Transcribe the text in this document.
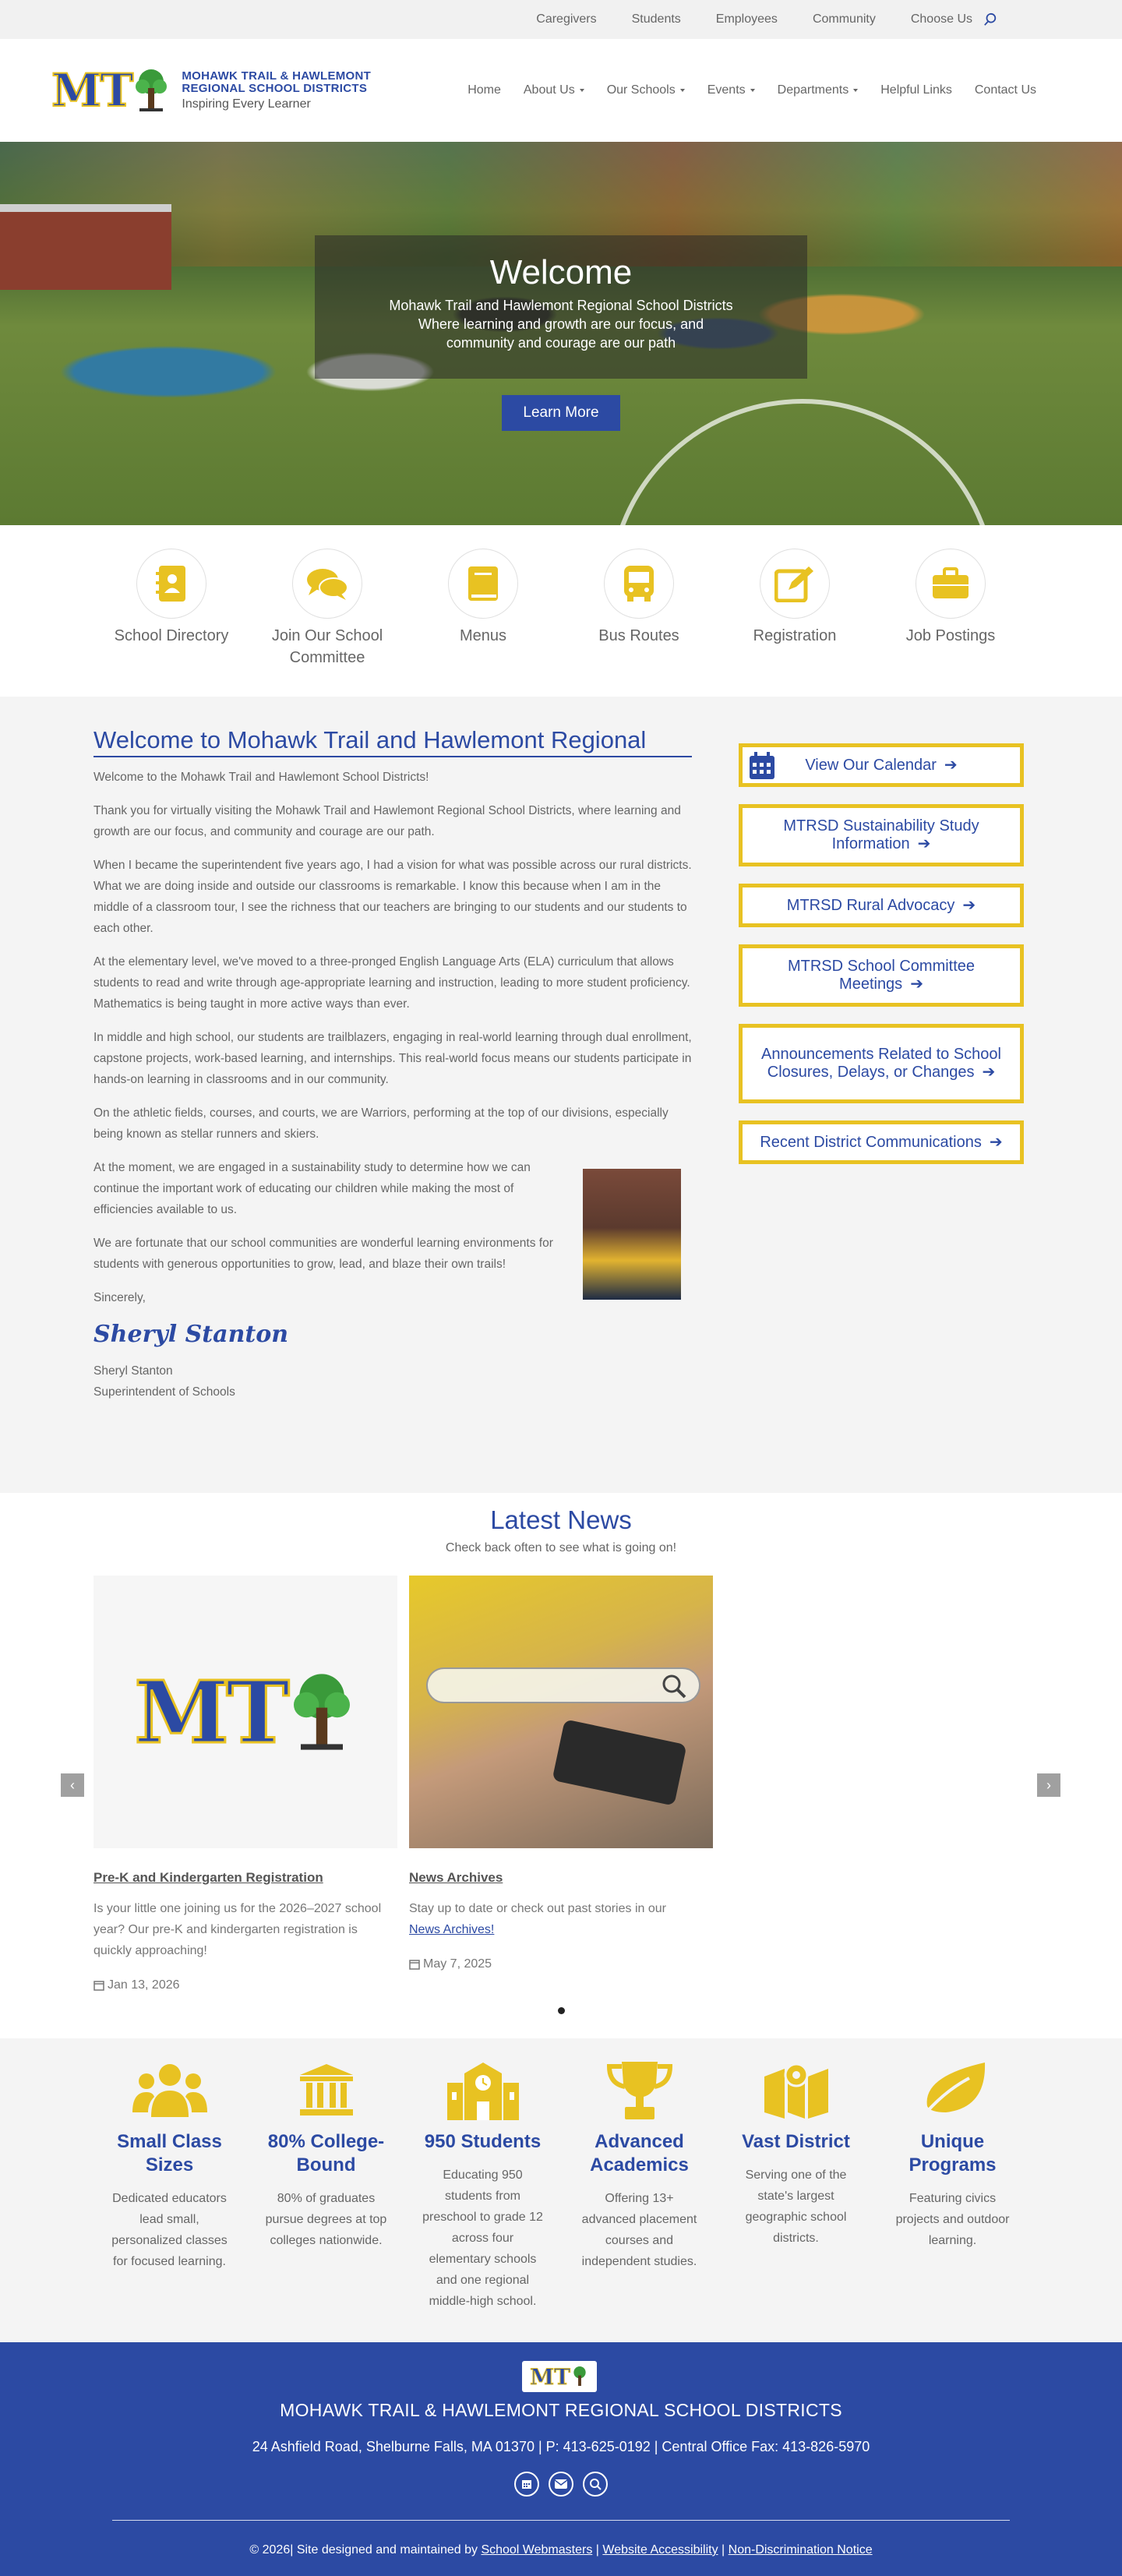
Caregivers	Students	Employees	Community	Choose Us
MT	MOHAWK TRAIL & HAWLEMONT
REGIONAL SCHOOL DISTRICTS
Inspiring Every Learner
Home About Us	Our Schools	Events	Departments	Helpful Links Contact Us
Welcome

Mohawk Trail and Hawlemont Regional School Districts

Where learning and growth are our focus, and community and courage are our path

Learn More
School Directory	Join Our School Committee
Menus	Bus Routes	Registration	Job Postings
Welcome to Mohawk Trail and Hawlemont Regional

Welcome to the Mohawk Trail and Hawlemont School Districts!

Thank you for virtually visiting the Mohawk Trail and Hawlemont Regional School Districts, where learning and growth are our focus, and community and courage are our path.

When I became the superintendent five years ago, I had a vision for what was possible across our rural districts. What we are doing inside and outside our classrooms is remarkable. I know this because when I am in the middle of a classroom tour, I see the richness that our teachers are bringing to our students and our students to each other.

At the elementary level, we've moved to a three-pronged English Language Arts (ELA) curriculum that allows students to read and write through age-appropriate learning and instruction, leading to more student proficiency. Mathematics is being taught in more active ways than ever.

In middle and high school, our students are trailblazers, engaging in real-world learning through dual enrollment, capstone projects, work-based learning, and internships. This real-world focus means our students participate in hands-on learning in classrooms and in our community.

On the athletic fields, courses, and courts, we are Warriors, performing at the top of our divisions, especially being known as stellar runners and skiers.

At the moment, we are engaged in a sustainability study to determine how we can continue the important work of educating our children while making the most of efficiencies available to us.

We are fortunate that our school communities are wonderful learning environments for students with generous opportunities to grow, lead, and blaze their own trails!

Sincerely,

Sheryl Stanton
Sheryl Stanton
Superintendent of Schools
View Our Calendar ➔
MTRSD Sustainability Study Information ➔
MTRSD Rural Advocacy ➔
MTRSD School Committee Meetings ➔
Announcements Related to School Closures, Delays, or Changes ➔
Recent District Communications ➔
Latest News
Check back often to see what is going on!
‹	›
MT
Pre-K and Kindergarten Registration
Is your little one joining us for the 2026–2027 school year? Our pre-K and kindergarten registration is quickly approaching!
Jan 13, 2026
News Archives
Stay up to date or check out past stories in our
News Archives!
May 7, 2025
Small Class Sizes
Dedicated educators lead small, personalized classes for focused learning.
80% College-Bound
80% of graduates pursue degrees at top colleges nationwide.
950 Students
Educating 950 students from preschool to grade 12 across four elementary schools and one regional middle-high school.
Advanced Academics
Offering 13+ advanced placement courses and independent studies.
Vast District
Serving one of the state's largest geographic school districts.
Unique Programs
Featuring civics projects and outdoor learning.
MT
MOHAWK TRAIL & HAWLEMONT REGIONAL SCHOOL DISTRICTS
24 Ashfield Road, Shelburne Falls, MA 01370 | P: 413-625-0192 | Central Office Fax: 413-826-5970
© 2026| Site designed and maintained by School Webmasters | Website Accessibility | Non-Discrimination Notice
